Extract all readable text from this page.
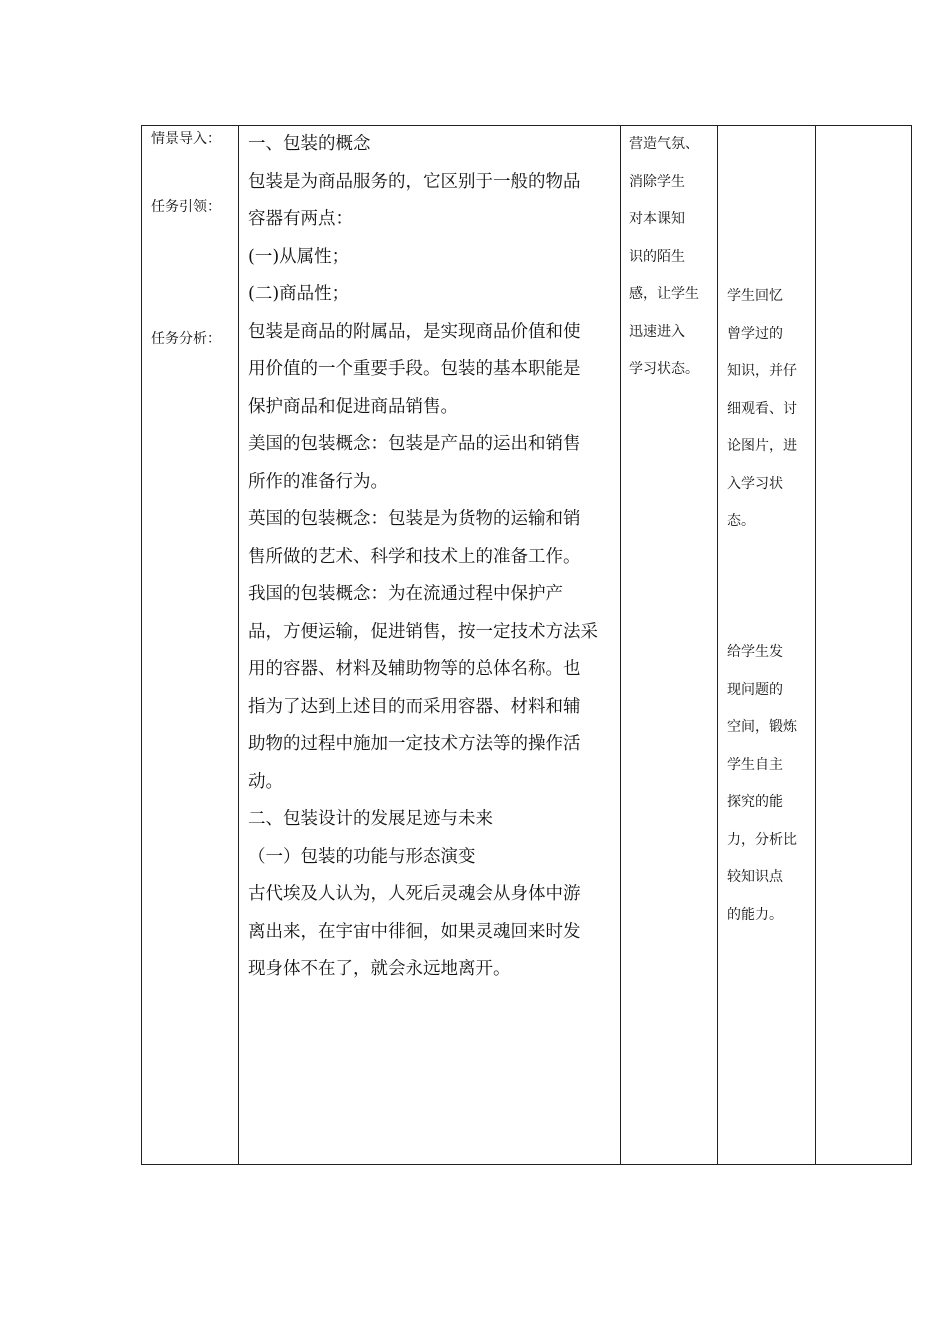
情景导入：
任务引领：
任务分析：
一、包装的概念
包装是为商品服务的，它区别于一般的物品
容器有两点：
(一)从属性；
(二)商品性；
包装是商品的附属品，是实现商品价值和使
用价值的一个重要手段。包装的基本职能是
保护商品和促进商品销售。
美国的包装概念：包装是产品的运出和销售
所作的准备行为。
英国的包装概念：包装是为货物的运输和销
售所做的艺术、科学和技术上的准备工作。
我国的包装概念：为在流通过程中保护产
品，方便运输，促进销售，按一定技术方法采
用的容器、材料及辅助物等的总体名称。也
指为了达到上述目的而采用容器、材料和辅
助物的过程中施加一定技术方法等的操作活
动。
二、包装设计的发展足迹与未来
（一）包装的功能与形态演变
古代埃及人认为，人死后灵魂会从身体中游
离出来，在宇宙中徘徊，如果灵魂回来时发
现身体不在了，就会永远地离开。
营造气氛、
消除学生
对本课知
识的陌生
感，让学生
迅速进入
学习状态。
学生回忆
曾学过的
知识，并仔
细观看、讨
论图片，进
入学习状
态。
给学生发
现问题的
空间，锻炼
学生自主
探究的能
力，分析比
较知识点
的能力。
